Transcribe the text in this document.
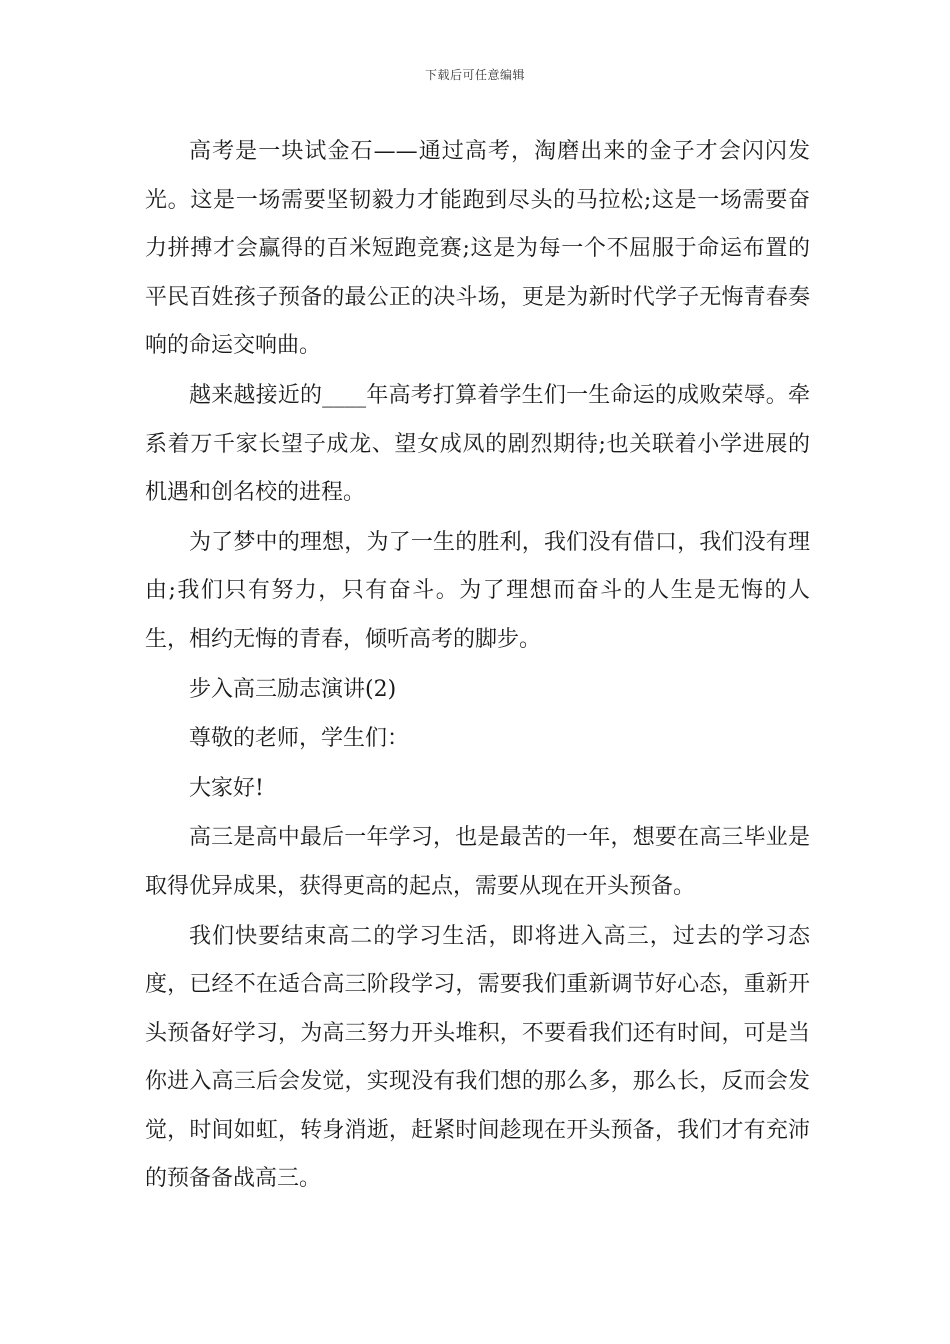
下载后可任意编辑

高考是一块试金石——通过高考，淘磨出来的金子才会闪闪发光。这是一场需要坚韧毅力才能跑到尽头的马拉松;这是一场需要奋力拼搏才会赢得的百米短跑竞赛;这是为每一个不屈服于命运布置的平民百姓孩子预备的最公正的决斗场，更是为新时代学子无悔青春奏响的命运交响曲。

越来越接近的____年高考打算着学生们一生命运的成败荣辱。牵系着万千家长望子成龙、望女成凤的剧烈期待;也关联着小学进展的机遇和创名校的进程。

为了梦中的理想，为了一生的胜利，我们没有借口，我们没有理由;我们只有努力，只有奋斗。为了理想而奋斗的人生是无悔的人生，相约无悔的青春，倾听高考的脚步。

步入高三励志演讲(2)

尊敬的老师，学生们：

大家好!

高三是高中最后一年学习，也是最苦的一年，想要在高三毕业是取得优异成果，获得更高的起点，需要从现在开头预备。

我们快要结束高二的学习生活，即将进入高三，过去的学习态度，已经不在适合高三阶段学习，需要我们重新调节好心态，重新开头预备好学习，为高三努力开头堆积，不要看我们还有时间，可是当你进入高三后会发觉，实现没有我们想的那么多，那么长，反而会发觉，时间如虹，转身消逝，赶紧时间趁现在开头预备，我们才有充沛的预备备战高三。
